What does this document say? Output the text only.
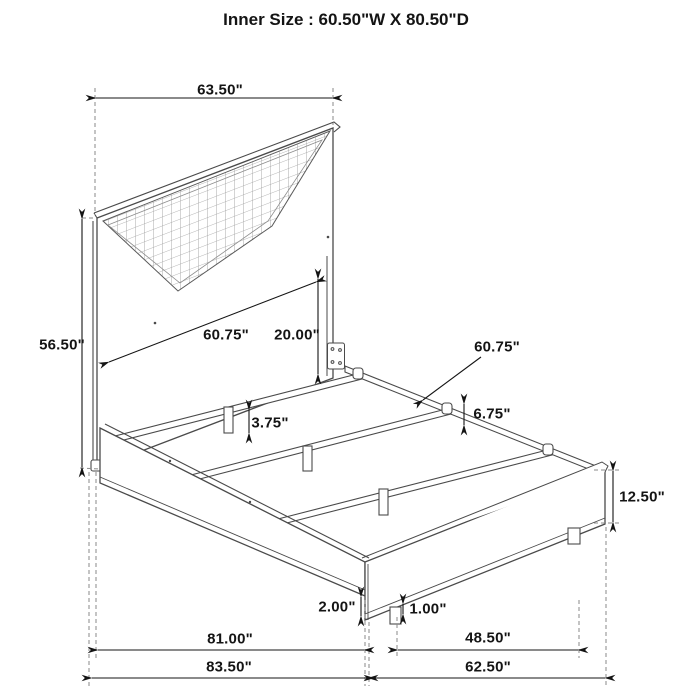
Inner Size : 60.50"W X 80.50"D
63.50"
56.50"
60.75" 20.00"
60.75"
6.75"
3.75"
12.50"
2.00"	1.00"
81.00"
83.50"
48.50"
62.50"
